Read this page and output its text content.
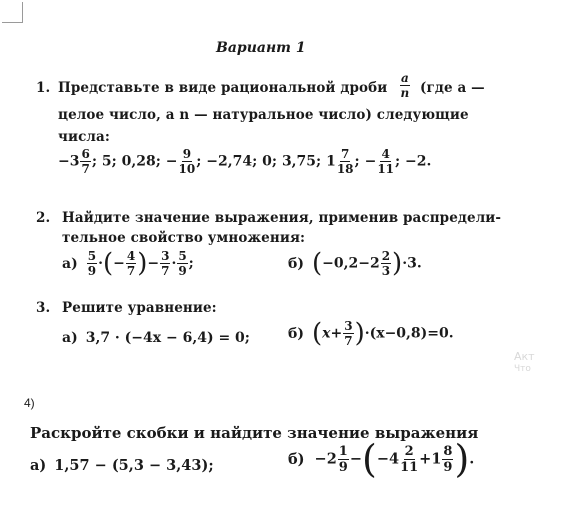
Вариант 1
1. Представьте в виде рациональной дроби $\frac{a}{n} (где$ a —
целое число, а n — натуральное число) следующие
числа:
$-3 \frac{6}{7}$ ; 5; 0,28; − $\frac{9}{10}$ ; −2,74; 0; 3,75; $1 \frac{7}{18}$ ; − $\frac{4}{11}$ ; −2.
2. Найдите значение выражения, применив распредели-
тельное свойство умножения:
$а) \frac{5}{9}$ ·(− $\frac{4}{7}$ )− $\frac{3}{7} \cdot \frac{5}{9}$ ;	б) $(-0,2-2 \frac{2}{3} )\cdot 3$.
3. Решите уравнение:
а) 3,7 · (−4x − 6,4) = 0;	б) $(x+ \frac{3}{7} )\cdot(x-0,8)=0$.
Акт
Что
4)
Раскройте скобки и найдите значение выражения
а) 1,57 − (5,3 − 3,43);	$б) -2 \frac{1}{9} -(-4 \frac{2}{11} +1 \frac{8}{9}$ ).
